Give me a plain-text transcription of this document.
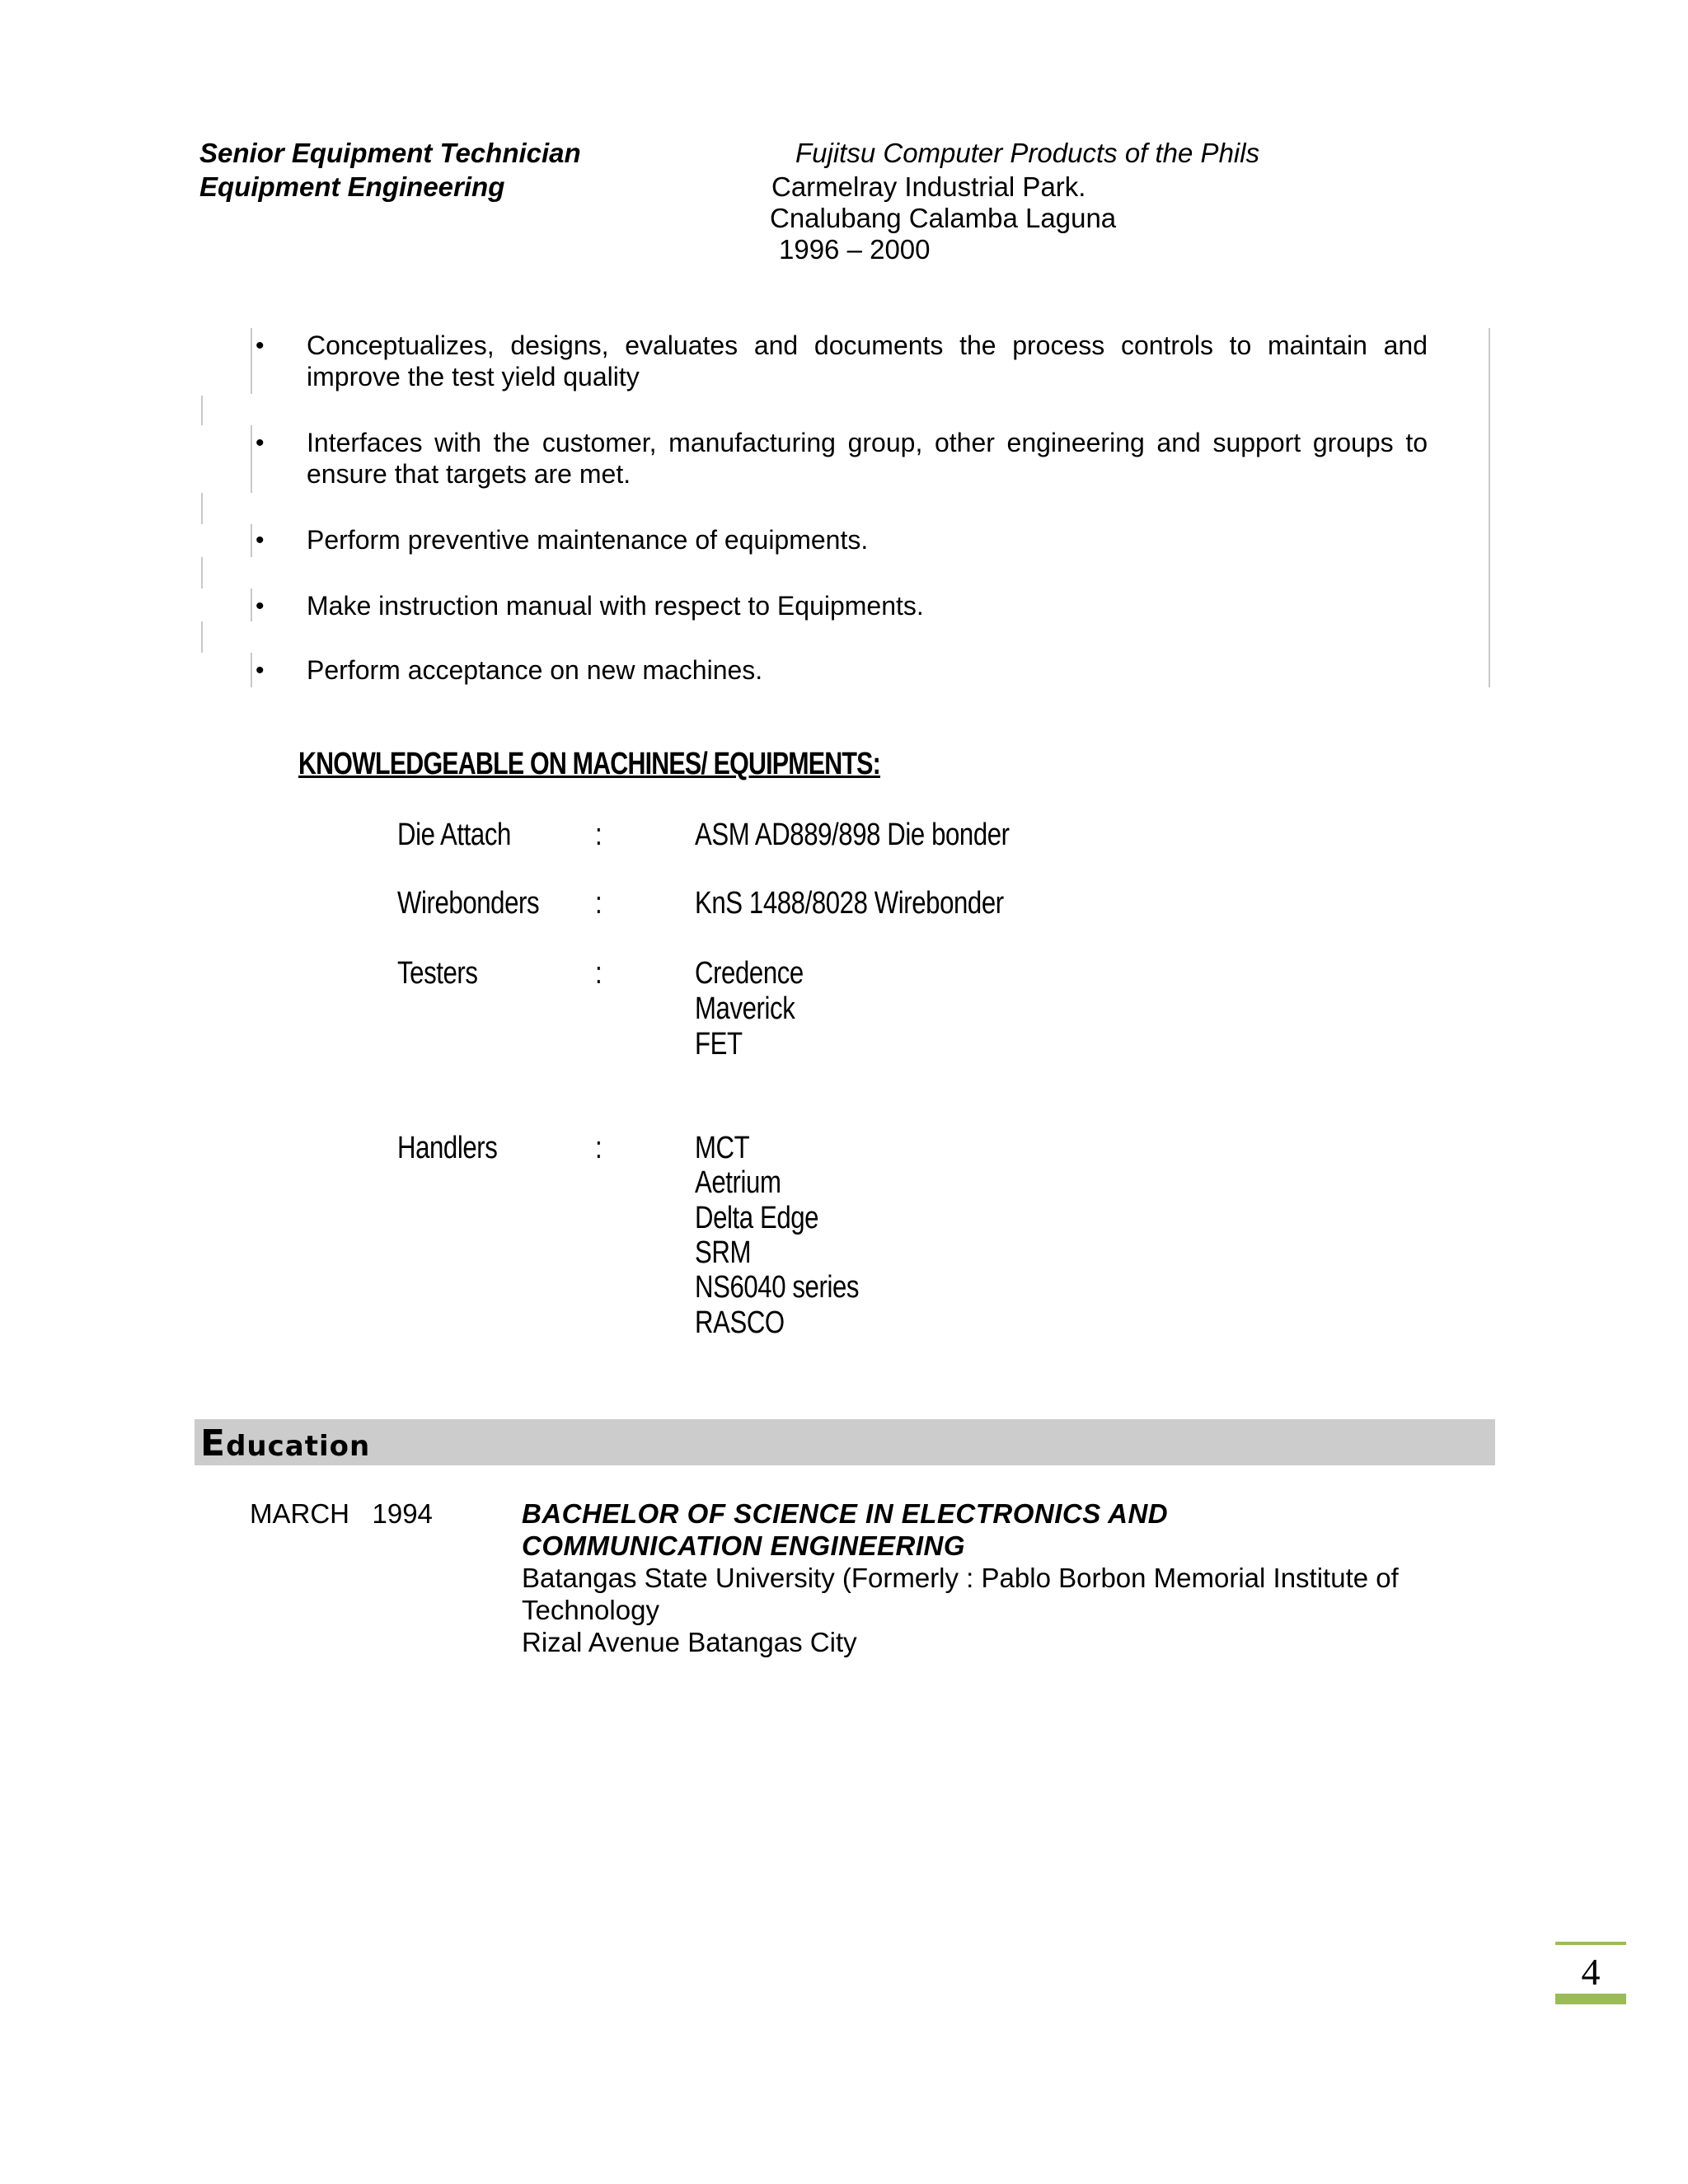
Senior Equipment Technician
Equipment Engineering
Fujitsu Computer Products of the Phils
Carmelray Industrial Park.
Cnalubang Calamba Laguna
1996 – 2000
• Conceptualizes, designs, evaluates and documents the process controls to maintain and improve the test yield quality
• Interfaces with the customer, manufacturing group, other engineering and support groups to ensure that targets are met.
• Perform preventive maintenance of equipments.
• Make instruction manual with respect to Equipments.
• Perform acceptance on new machines.
KNOWLEDGEABLE ON MACHINES/ EQUIPMENTS:
Die Attach	:	ASM AD889/898 Die bonder
Wirebonders :	KnS 1488/8028 Wirebonder
Testers	:	Credence
Maverick
FET
Handlers	:	MCT
Aetrium
Delta Edge
SRM
NS6040 series
RASCO
Education
MARCH   1994	BACHELOR OF SCIENCE IN ELECTRONICS AND
COMMUNICATION ENGINEERING
Batangas State University (Formerly : Pablo Borbon Memorial Institute of
Technology
Rizal Avenue Batangas City
4
